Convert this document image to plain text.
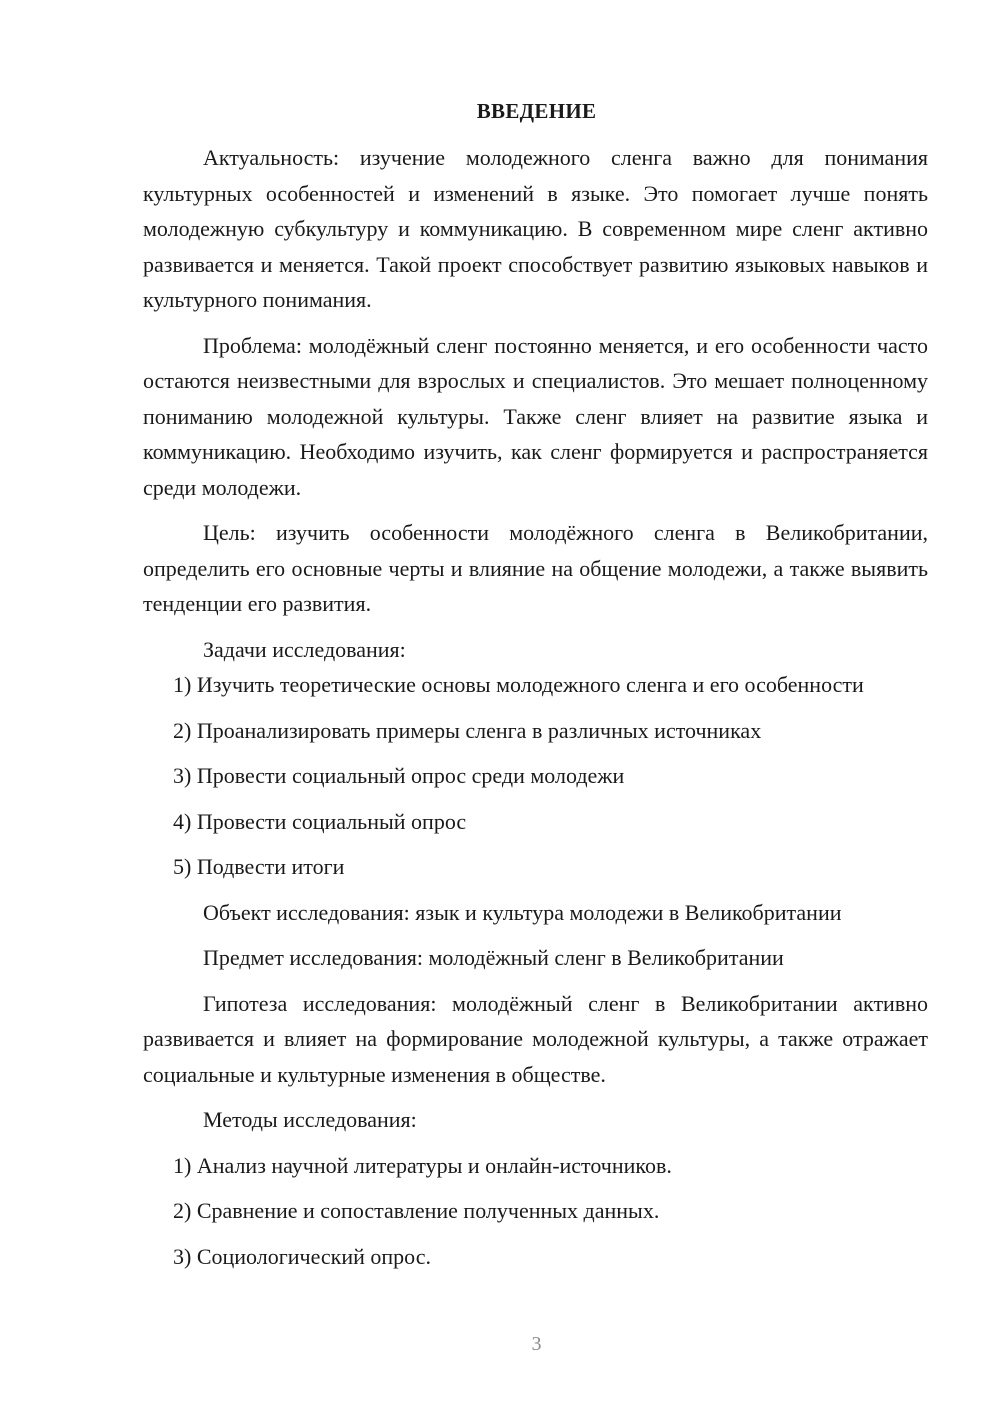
ВВЕДЕНИЕ

Актуальность: изучение молодежного сленга важно для понимания культурных особенностей и изменений в языке. Это помогает лучше понять молодежную субкультуру и коммуникацию. В современном мире сленг активно развивается и меняется. Такой проект способствует развитию языковых навыков и культурного понимания.

Проблема: молодёжный сленг постоянно меняется, и его особенности часто остаются неизвестными для взрослых и специалистов. Это мешает полноценному пониманию молодежной культуры. Также сленг влияет на развитие языка и коммуникацию. Необходимо изучить, как сленг формируется и распространяется среди молодежи.

Цель: изучить особенности молодёжного сленга в Великобритании, определить его основные черты и влияние на общение молодежи, а также выявить тенденции его развития.

Задачи исследования:

1) Изучить теоретические основы молодежного сленга и его особенности

2) Проанализировать примеры сленга в различных источниках

3) Провести социальный опрос среди молодежи

4) Провести социальный опрос

5) Подвести итоги

Объект исследования: язык и культура молодежи в Великобритании

Предмет исследования: молодёжный сленг в Великобритании

Гипотеза исследования: молодёжный сленг в Великобритании активно развивается и влияет на формирование молодежной культуры, а также отражает социальные и культурные изменения в обществе.

Методы исследования:

1) Анализ научной литературы и онлайн-источников.

2) Сравнение и сопоставление полученных данных.

3) Социологический опрос.

3
